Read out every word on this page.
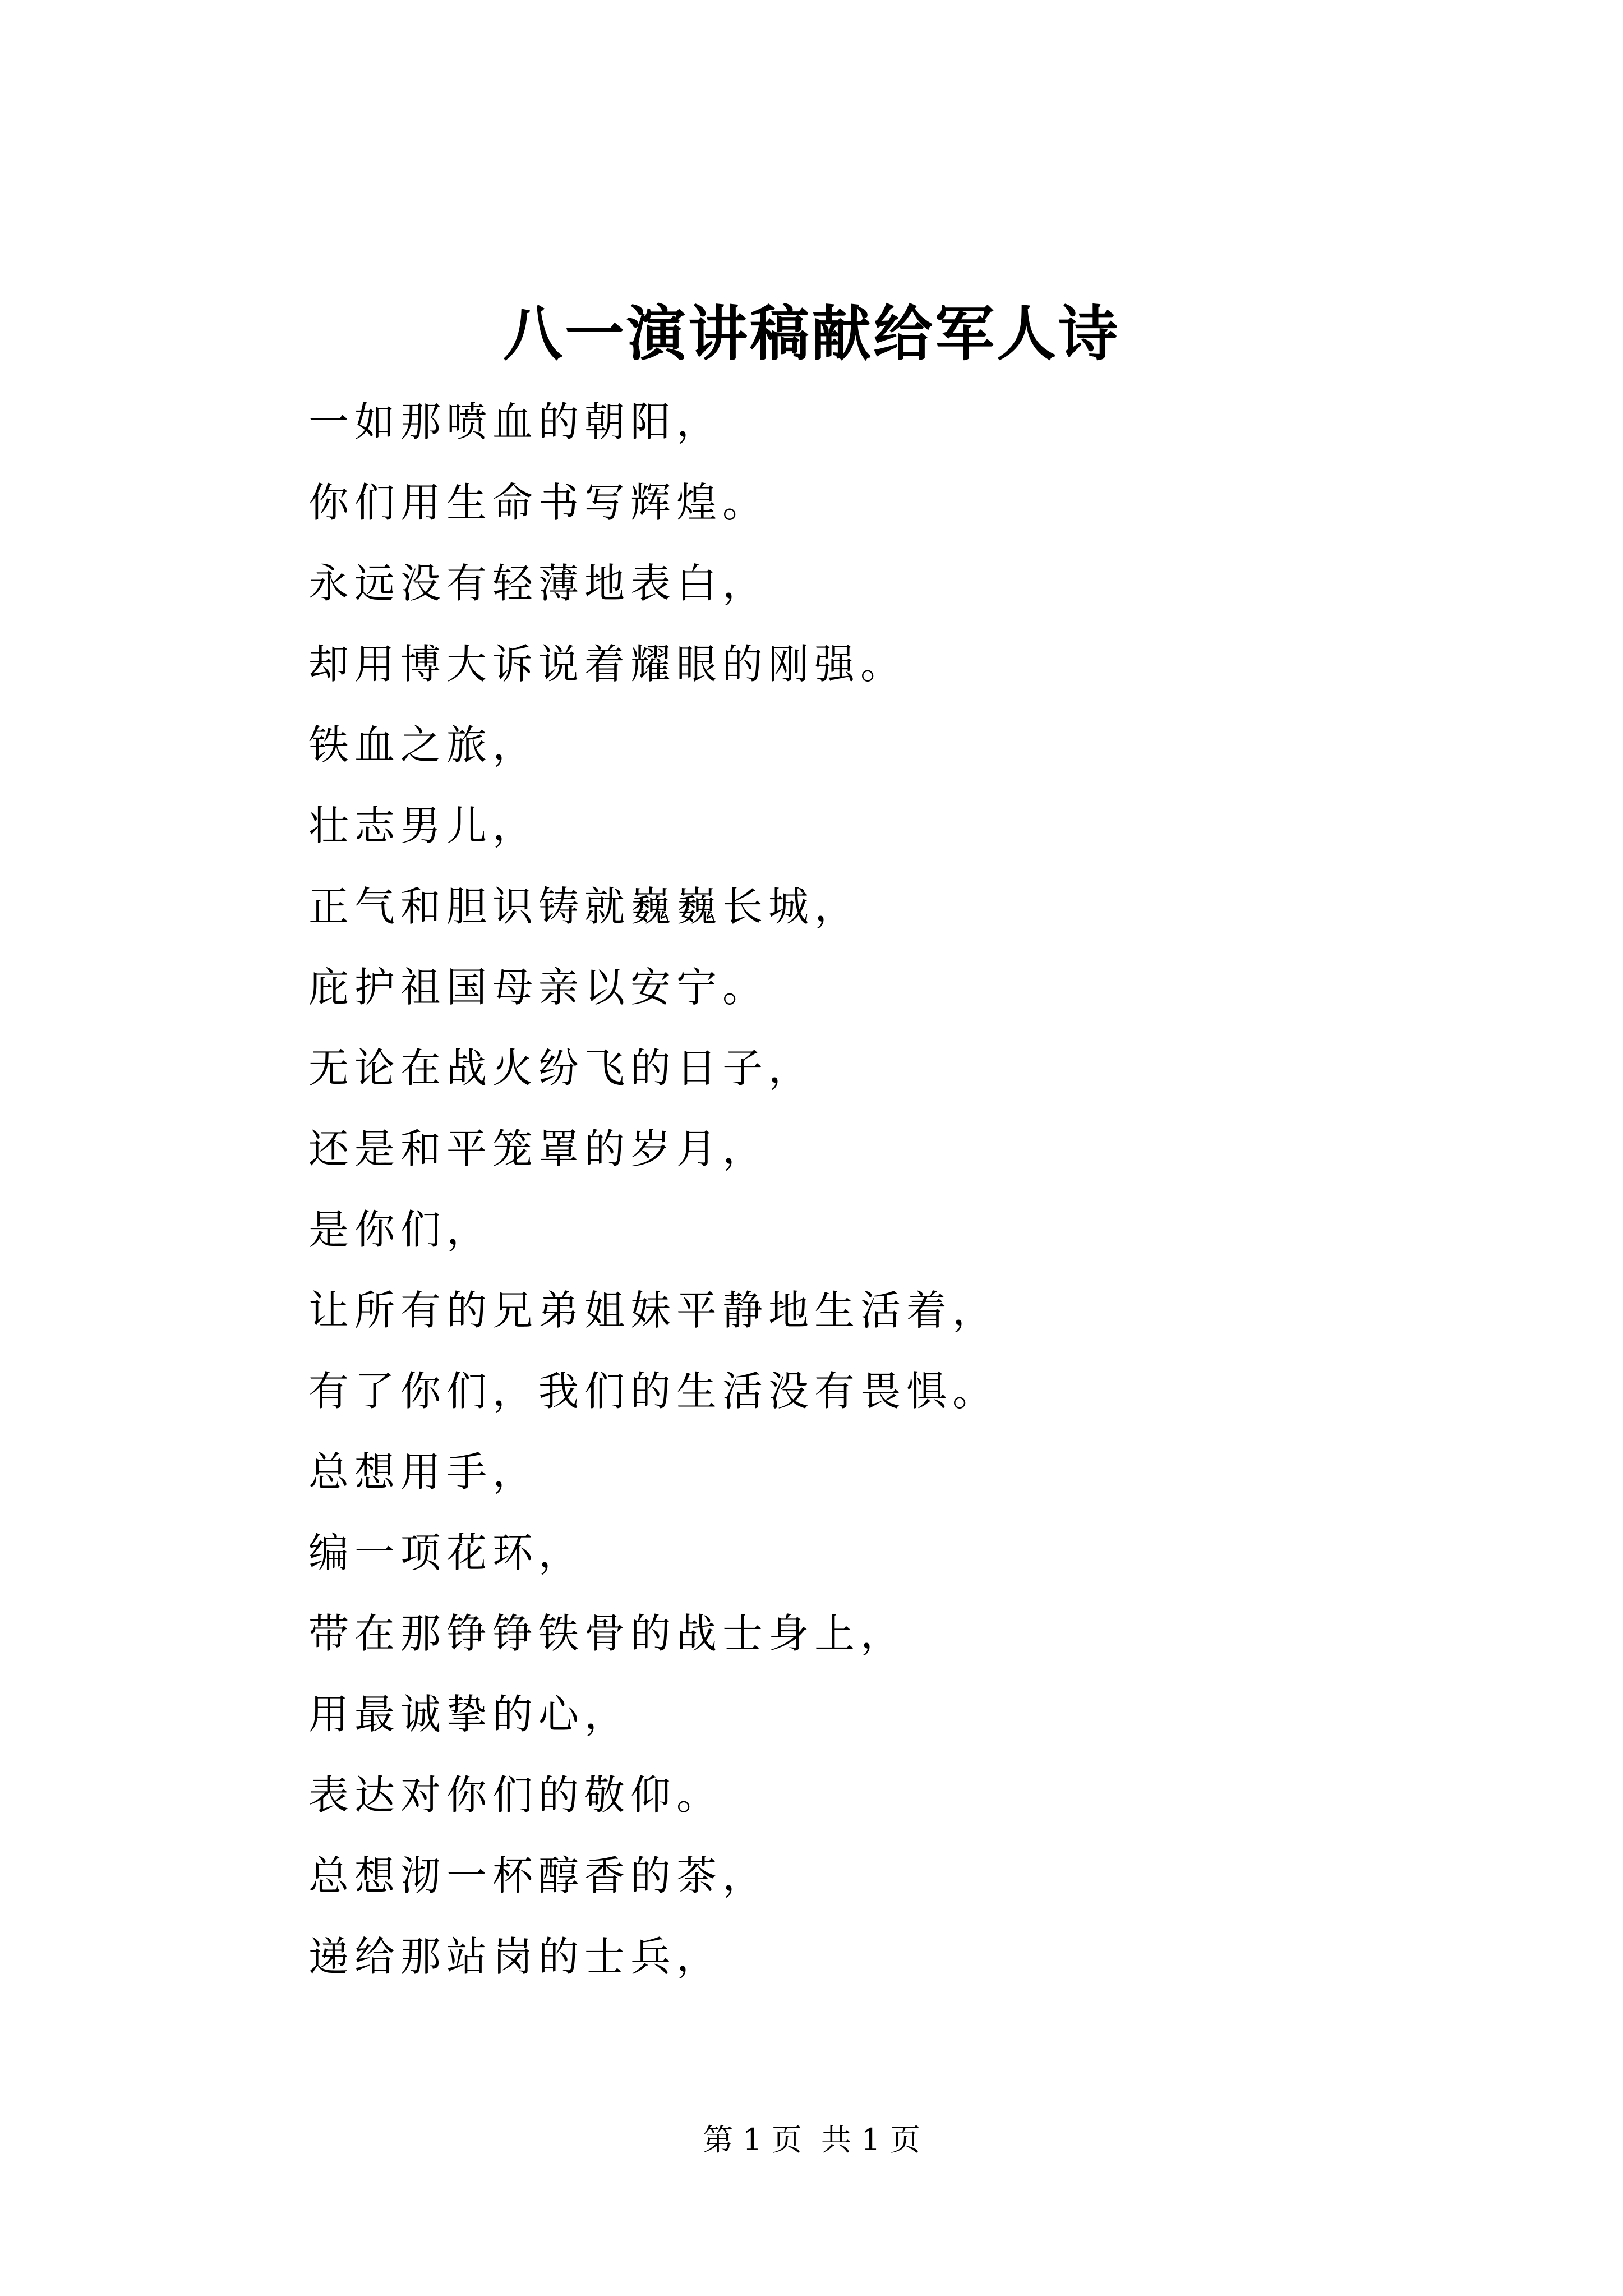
八一演讲稿献给军人诗
一如那喷血的朝阳，
你们用生命书写辉煌。
永远没有轻薄地表白，
却用博大诉说着耀眼的刚强。
铁血之旅，
壮志男儿，
正气和胆识铸就巍巍长城，
庇护祖国母亲以安宁。
无论在战火纷飞的日子，
还是和平笼罩的岁月，
是你们，
让所有的兄弟姐妹平静地生活着，
有了你们，我们的生活没有畏惧。
总想用手，
编一项花环，
带在那铮铮铁骨的战士身上，
用最诚挚的心，
表达对你们的敬仰。
总想沏一杯醇香的茶，
递给那站岗的士兵，
第 1 页  共 1 页
